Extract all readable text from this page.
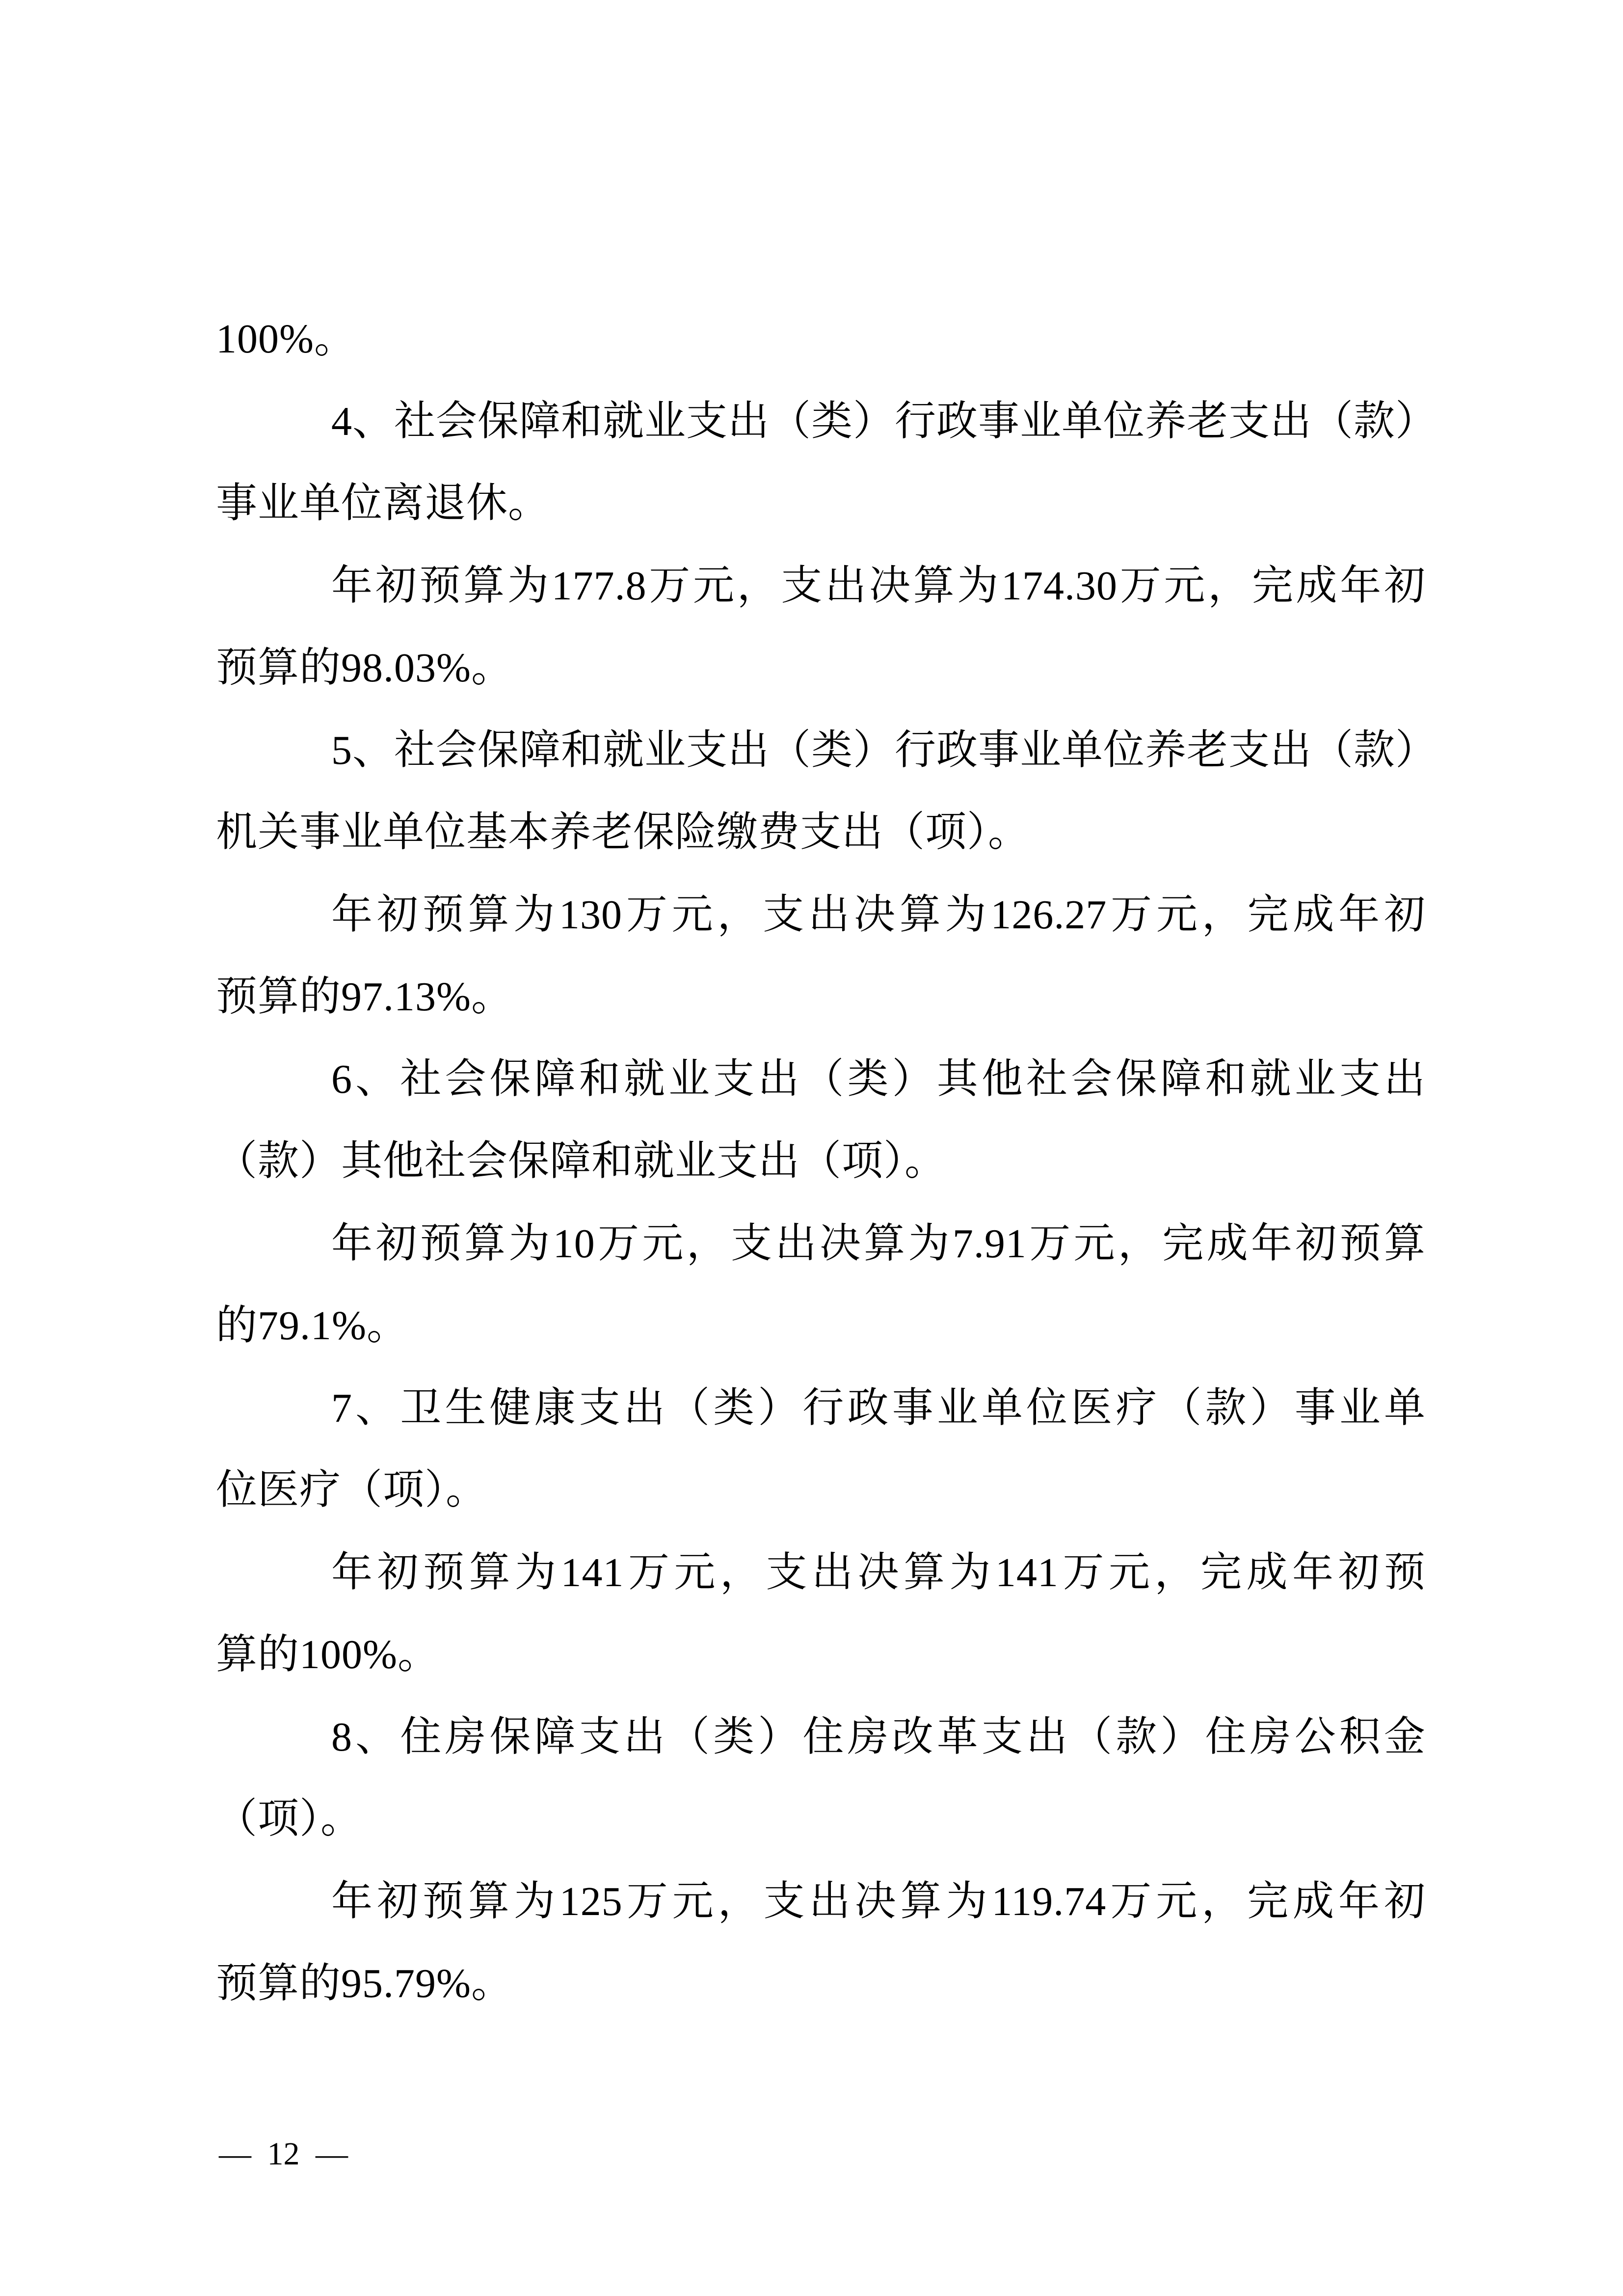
100%。
4、社会保障和就业支出（类）行政事业单位养老支出（款）
事业单位离退休。
年初预算为177.8万元，支出决算为174.30万元，完成年初
预算的98.03%。
5、社会保障和就业支出（类）行政事业单位养老支出（款）
机关事业单位基本养老保险缴费支出（项）。
年初预算为130万元，支出决算为126.27万元，完成年初
预算的97.13%。
6、社会保障和就业支出（类）其他社会保障和就业支出
（款）其他社会保障和就业支出（项）。
年初预算为10万元，支出决算为7.91万元，完成年初预算
的79.1%。
7、卫生健康支出（类）行政事业单位医疗（款）事业单
位医疗（项）。
年初预算为141万元，支出决算为141万元，完成年初预
算的100%。
8、住房保障支出（类）住房改革支出（款）住房公积金
（项）。
年初预算为125万元，支出决算为119.74万元，完成年初
预算的95.79%。
— 12 —
